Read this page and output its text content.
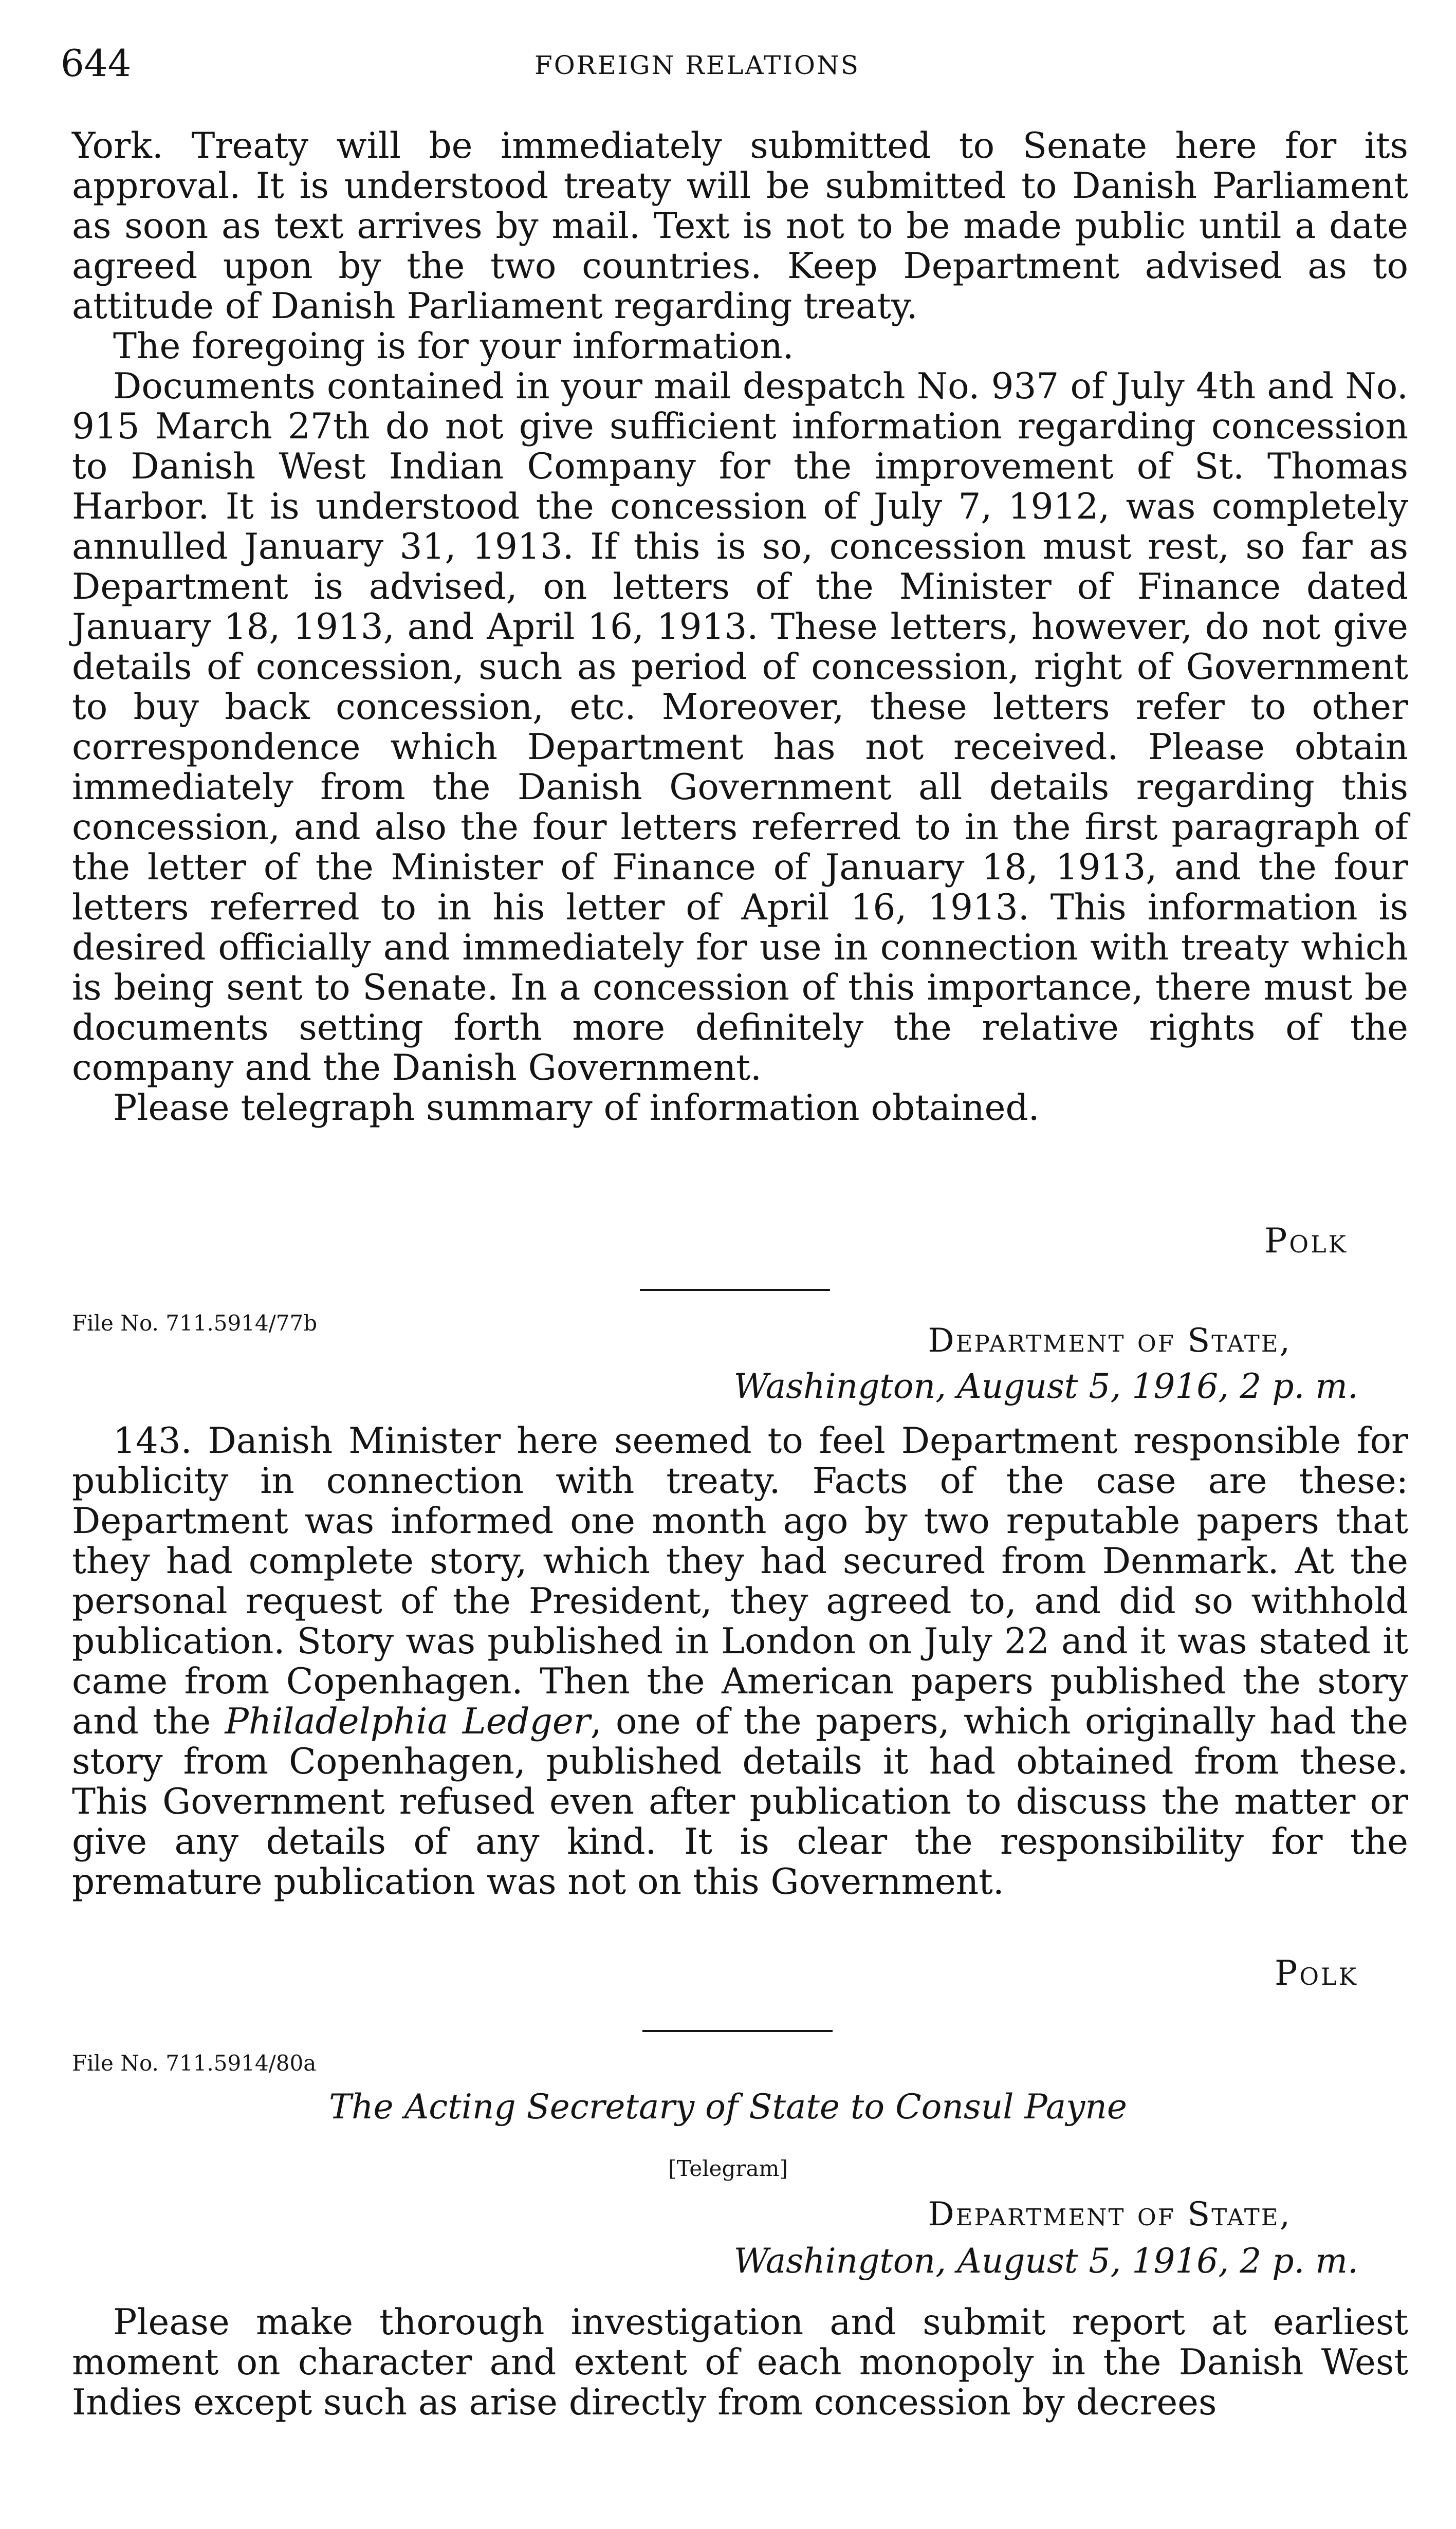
644	FOREIGN RELATIONS

York. Treaty will be immediately submitted to Senate here for its approval. It is understood treaty will be submitted to Danish Parliament as soon as text arrives by mail. Text is not to be made public until a date agreed upon by the two countries. Keep Department advised as to attitude of Danish Parliament regarding treaty.

The foregoing is for your information.

Documents contained in your mail despatch No. 937 of July 4th and No. 915 March 27th do not give sufficient information regarding concession to Danish West Indian Company for the improvement of St. Thomas Harbor. It is understood the concession of July 7, 1912, was completely annulled January 31, 1913. If this is so, concession must rest, so far as Department is advised, on letters of the Minister of Finance dated January 18, 1913, and April 16, 1913. These letters, however, do not give details of concession, such as period of concession, right of Government to buy back concession, etc. Moreover, these letters refer to other correspondence which Department has not received. Please obtain immediately from the Danish Government all details regarding this concession, and also the four letters referred to in the first paragraph of the letter of the Minister of Finance of January 18, 1913, and the four letters referred to in his letter of April 16, 1913. This information is desired officially and immediately for use in connection with treaty which is being sent to Senate. In a concession of this importance, there must be documents setting forth more definitely the relative rights of the company and the Danish Government.

Please telegraph summary of information obtained.

Polk
File No. 711.5914/77b	Department of State,
Washington, August 5, 1916, 2 p. m.

143. Danish Minister here seemed to feel Department responsible for publicity in connection with treaty. Facts of the case are these: Department was informed one month ago by two reputable papers that they had complete story, which they had secured from Denmark. At the personal request of the President, they agreed to, and did so withhold publication. Story was published in London on July 22 and it was stated it came from Copenhagen. Then the American papers published the story and the Philadelphia Ledger, one of the papers, which originally had the story from Copenhagen, published details it had obtained from these. This Government refused even after publication to discuss the matter or give any details of any kind. It is clear the responsibility for the premature publication was not on this Government.

Polk
File No. 711.5914/80a
The Acting Secretary of State to Consul Payne
[Telegram]
Department of State,
Washington, August 5, 1916, 2 p. m.

Please make thorough investigation and submit report at earliest moment on character and extent of each monopoly in the Danish West Indies except such as arise directly from concession by decrees
